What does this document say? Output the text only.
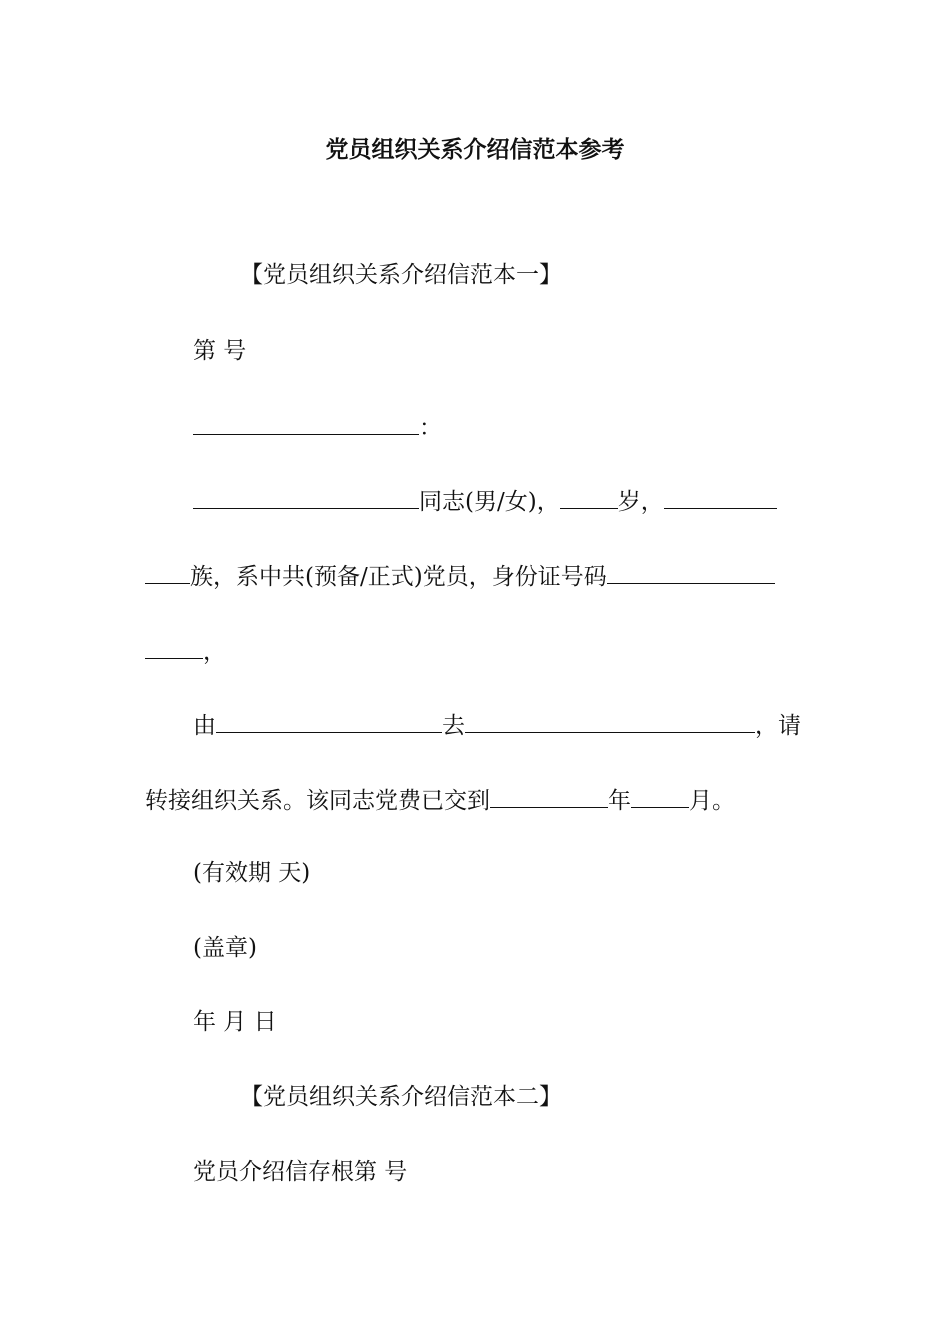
党员组织关系介绍信范本参考
【党员组织关系介绍信范本一】
第 号
：
同志(男/女)，	岁，
族，系中共(预备/正式)党员，身份证号码
，
由	去	，请
转接组织关系。该同志党费已交到	年	月。
(有效期 天)
(盖章)
年 月 日
【党员组织关系介绍信范本二】
党员介绍信存根第 号
